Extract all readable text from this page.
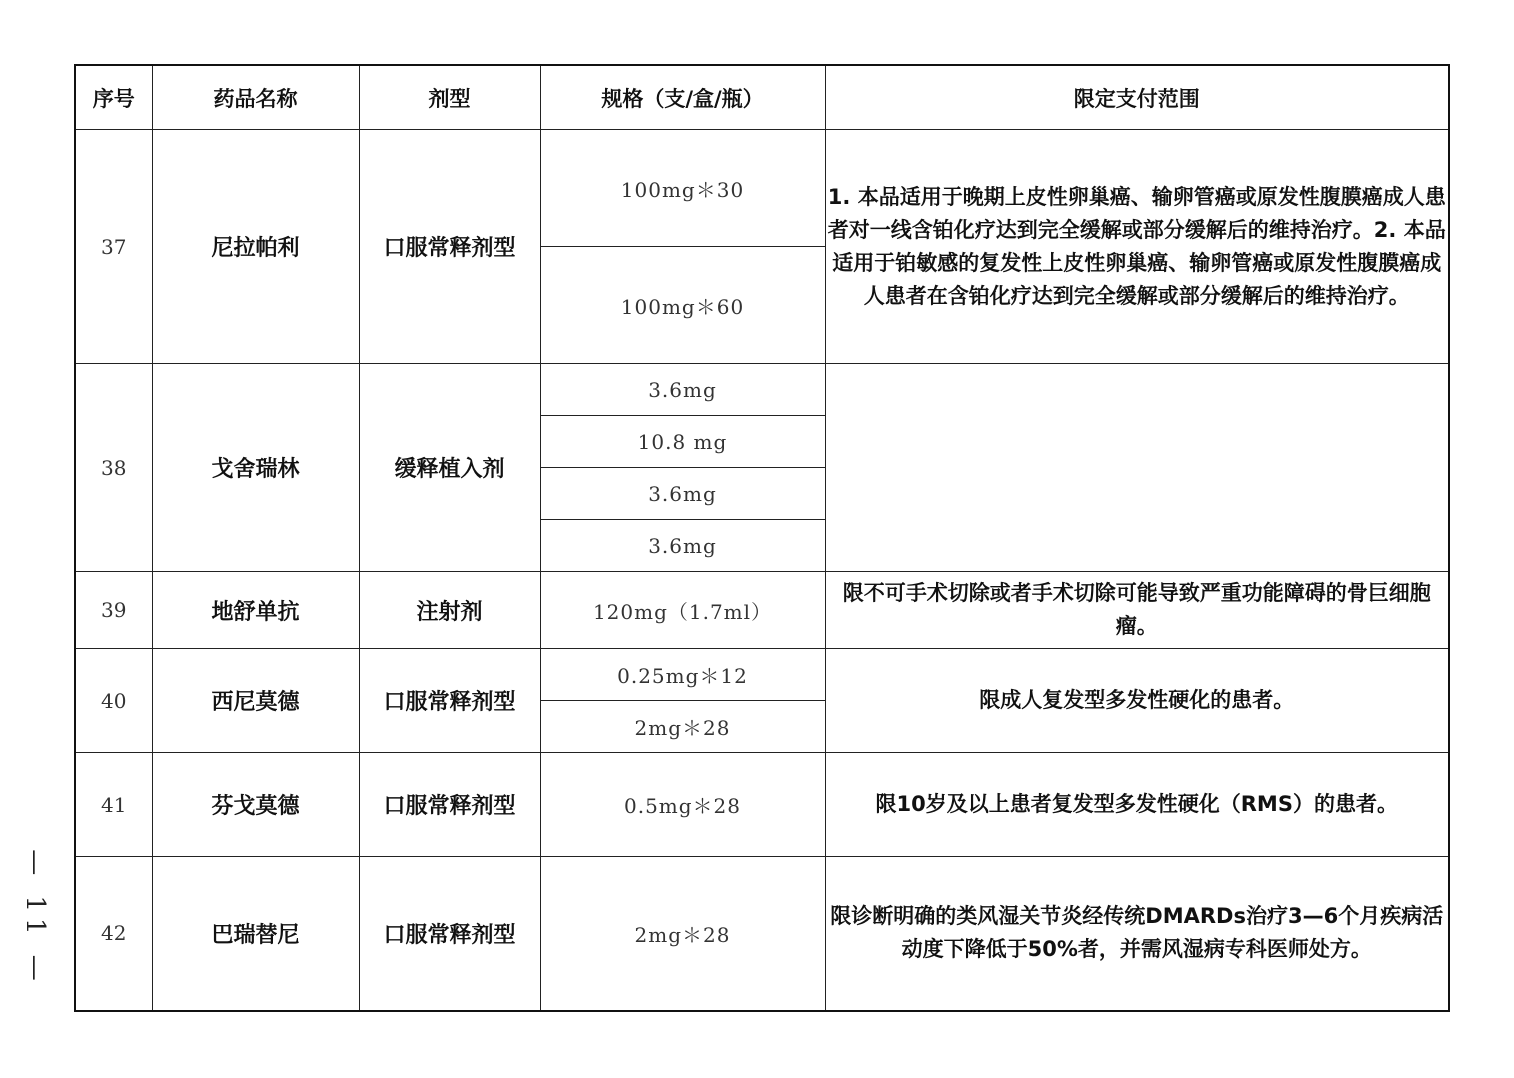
序号	药品名称	剂型	规格（支/盒/瓶）	限定支付范围
37	尼拉帕利	口服常释剂型	100mg＊30	1. 本品适用于晚期上皮性卵巢癌、输卵管癌或原发性腹膜癌成人患者对一线含铂化疗达到完全缓解或部分缓解后的维持治疗。2. 本品适用于铂敏感的复发性上皮性卵巢癌、输卵管癌或原发性腹膜癌成人患者在含铂化疗达到完全缓解或部分缓解后的维持治疗。
			100mg＊60	
38	戈舍瑞林	缓释植入剂	3.6mg	
			10.8 mg	
			3.6mg	
			3.6mg	
39	地舒单抗	注射剂	120mg（1.7ml）	限不可手术切除或者手术切除可能导致严重功能障碍的骨巨细胞瘤。
40	西尼莫德	口服常释剂型	0.25mg＊12	限成人复发型多发性硬化的患者。
			2mg＊28	
41	芬戈莫德	口服常释剂型	0.5mg＊28	限10岁及以上患者复发型多发性硬化（RMS）的患者。
42	巴瑞替尼	口服常释剂型	2mg＊28	限诊断明确的类风湿关节炎经传统DMARDs治疗3—6个月疾病活动度下降低于50%者，并需风湿病专科医师处方。
— 11 —
